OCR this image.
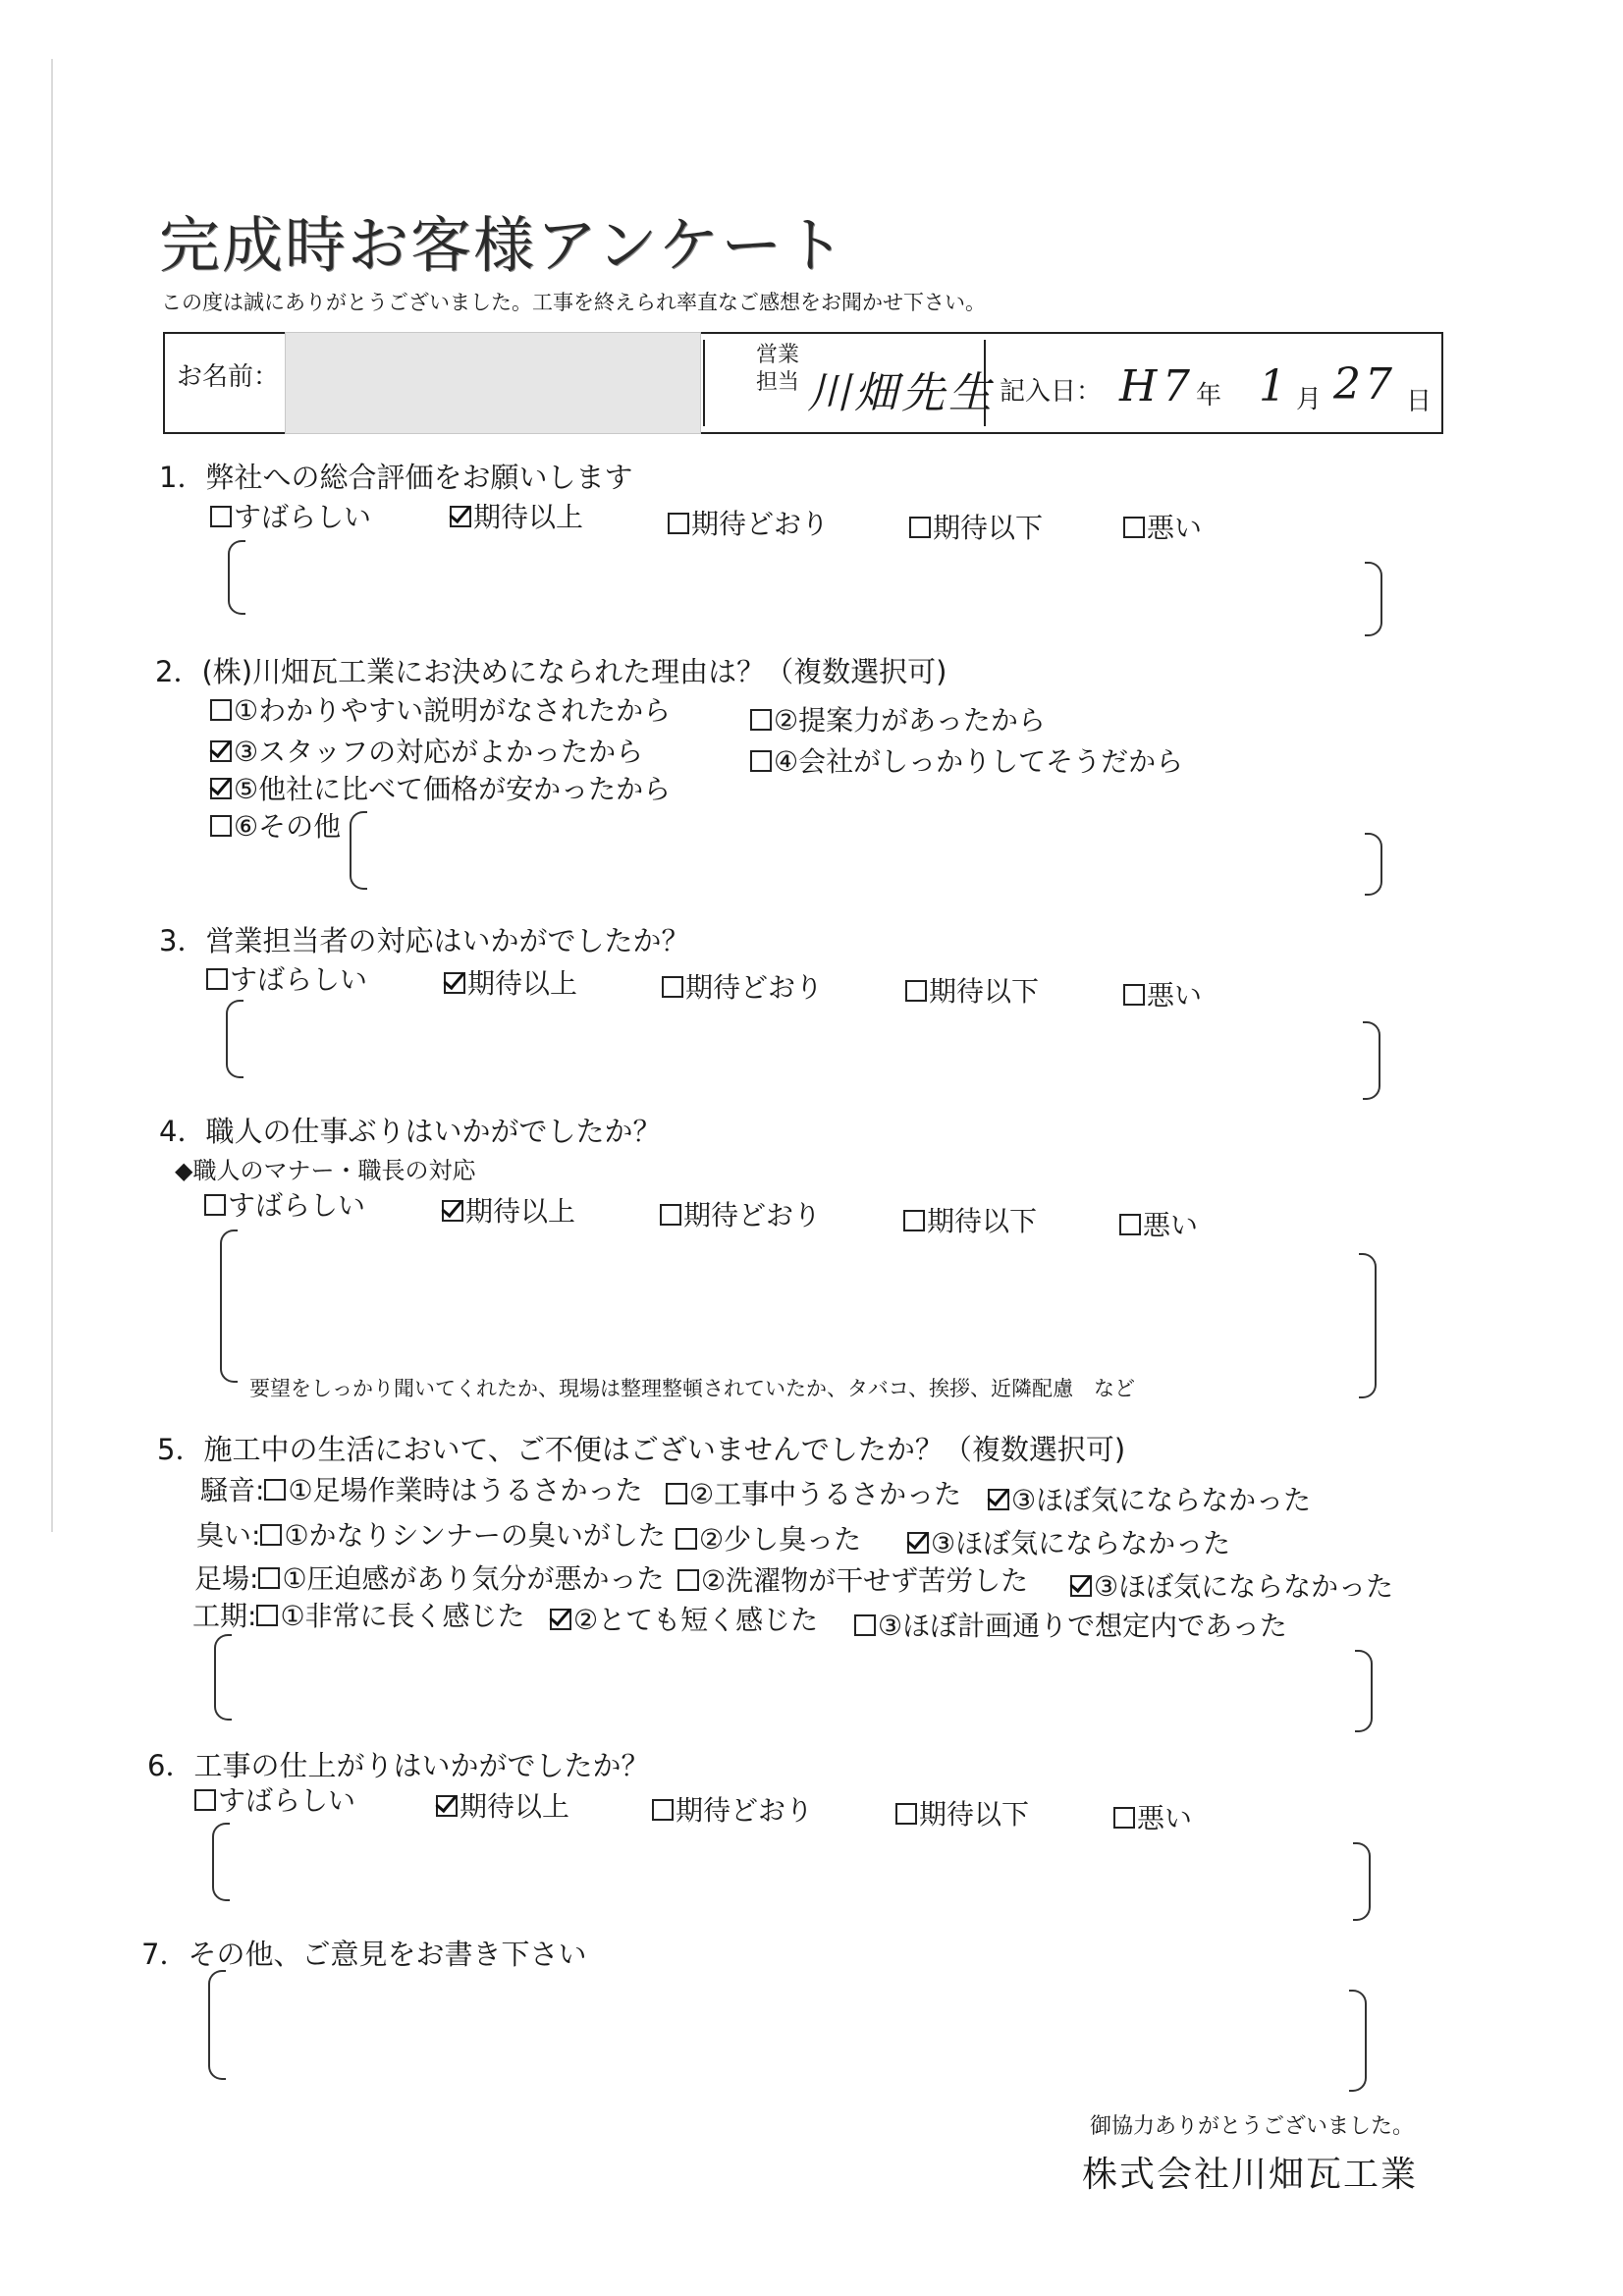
完成時お客様アンケート
この度は誠にありがとうございました。工事を終えられ率直なご感想をお聞かせ下さい。
お名前：
営業
担当 川畑先生 記入日： H 7 年 1 月 27 日
1．弊社への総合評価をお願いします
すばらしい	期待以上	期待どおり	期待以下	悪い
2．(株)川畑瓦工業にお決めになられた理由は？（複数選択可)
①わかりやすい説明がなされたから	②提案力があったから
③スタッフの対応がよかったから	④会社がしっかりしてそうだから
⑤他社に比べて価格が安かったから
⑥その他
3．営業担当者の対応はいかがでしたか？
すばらしい	期待以上	期待どおり	期待以下	悪い
4．職人の仕事ぶりはいかがでしたか？
◆職人のマナー・職長の対応
すばらしい	期待以上	期待どおり	期待以下	悪い
要望をしっかり聞いてくれたか、現場は整理整頓されていたか、タバコ、挨拶、近隣配慮　など
5．施工中の生活において、ご不便はございませんでしたか？（複数選択可)
騒音: ①足場作業時はうるさかった	②工事中うるさかった	③ほぼ気にならなかった
臭い: ①かなりシンナーの臭いがした	②少し臭った	③ほぼ気にならなかった
足場: ①圧迫感があり気分が悪かった	②洗濯物が干せず苦労した	③ほぼ気にならなかった
工期: ①非常に長く感じた	②とても短く感じた	③ほぼ計画通りで想定内であった
6．工事の仕上がりはいかがでしたか？
すばらしい	期待以上	期待どおり	期待以下	悪い
7．その他、ご意見をお書き下さい
御協力ありがとうございました。
株式会社川畑瓦工業
